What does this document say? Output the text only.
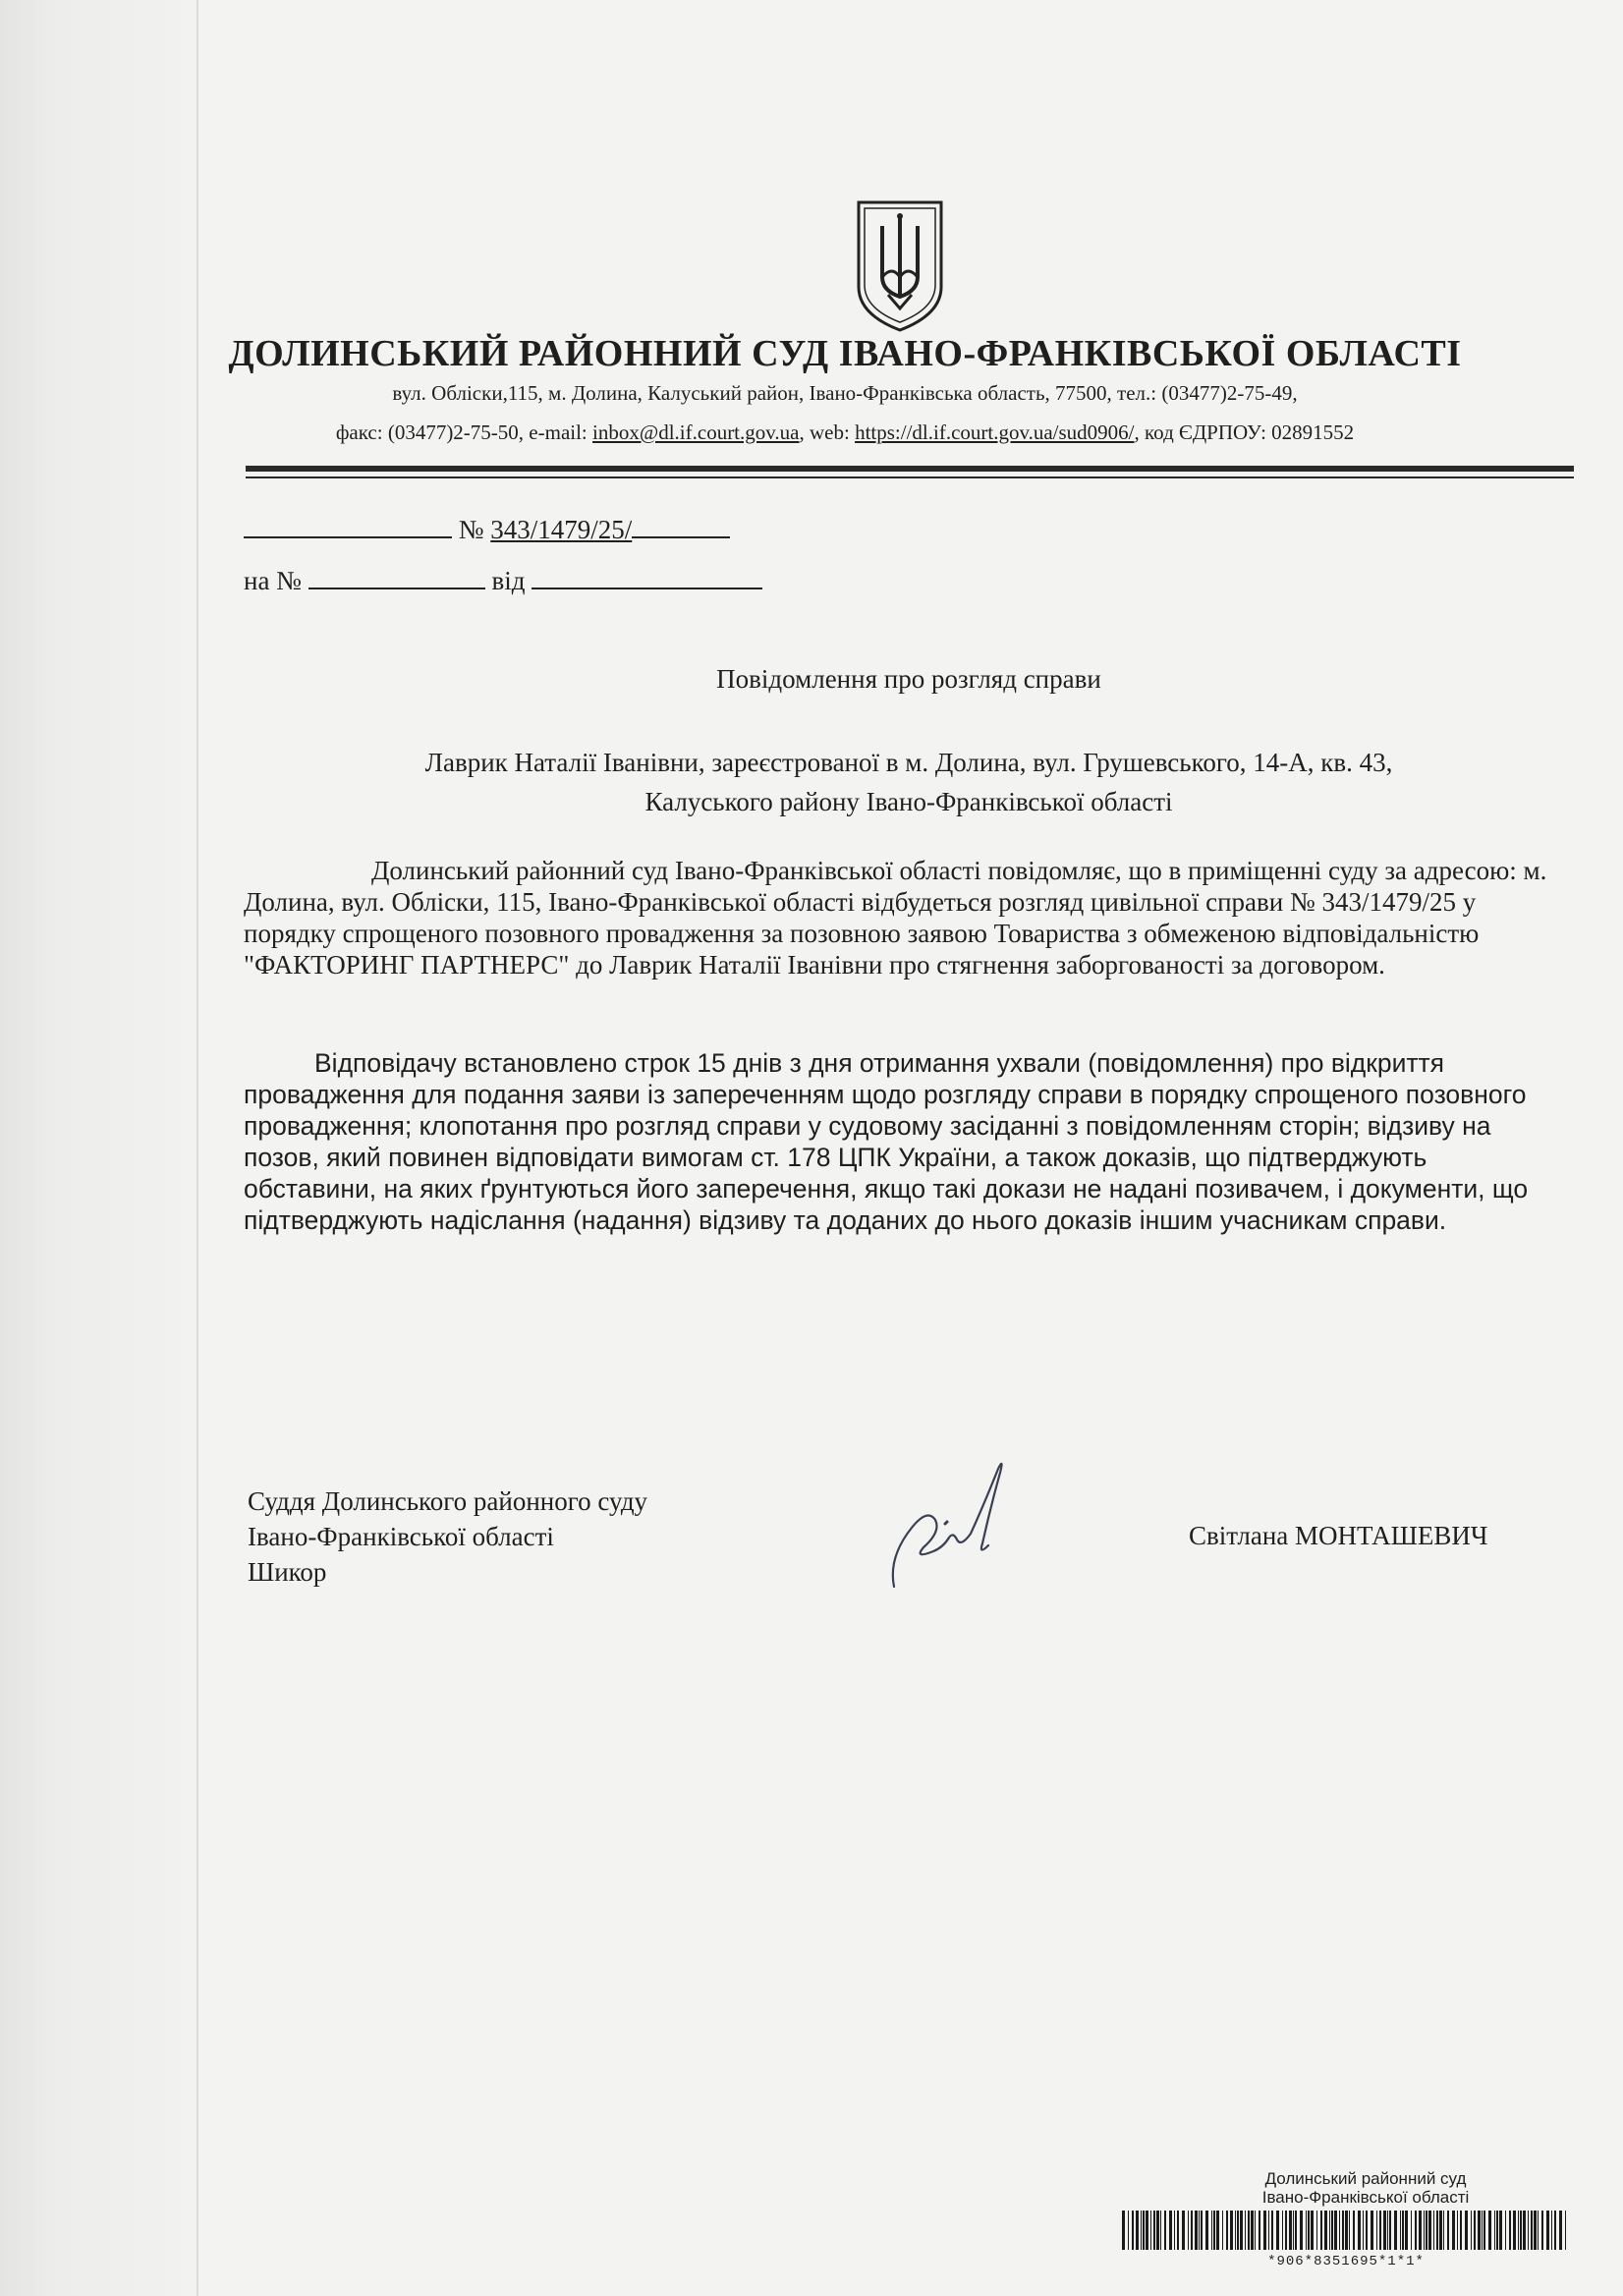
ДОЛИНСЬКИЙ РАЙОННИЙ СУД ІВАНО-ФРАНКІВСЬКОЇ ОБЛАСТІ
вул. Обліски,115, м. Долина, Калуський район, Івано-Франківська область, 77500, тел.: (03477)2-75-49,
факс: (03477)2-75-50, e-mail: inbox@dl.if.court.gov.ua, web: https://dl.if.court.gov.ua/sud0906/, код ЄДРПОУ: 02891552
№ 343/1479/25/
на №	від
Повідомлення про розгляд справи
Лаврик Наталії Іванівни, зареєстрованої в м. Долина, вул. Грушевського, 14-А, кв. 43,
Калуського району Івано-Франківської області
Долинський районний суд Івано-Франківської області повідомляє, що в приміщенні суду за адресою: м. Долина, вул. Обліски, 115, Івано-Франківської області відбудеться розгляд цивільної справи № 343/1479/25 у порядку спрощеного позовного провадження за позовною заявою Товариства з обмеженою відповідальністю "ФАКТОРИНГ ПАРТНЕРС" до Лаврик Наталії Іванівни про стягнення заборгованості за договором.
Відповідачу встановлено строк 15 днів з дня отримання ухвали (повідомлення) про відкриття провадження для подання заяви із запереченням щодо розгляду справи в порядку спрощеного позовного провадження; клопотання про розгляд справи у судовому засіданні з повідомленням сторін; відзиву на позов, який повинен відповідати вимогам ст. 178 ЦПК України, а також доказів, що підтверджують обставини, на яких ґрунтуються його заперечення, якщо такі докази не надані позивачем, і документи, що підтверджують надіслання (надання) відзиву та доданих до нього доказів іншим учасникам справи.
Суддя Долинського районного суду
Івано-Франківської області
Шикор
Світлана МОНТАШЕВИЧ
Долинський районний суд
Івано-Франківської області
*906*8351695*1*1*
